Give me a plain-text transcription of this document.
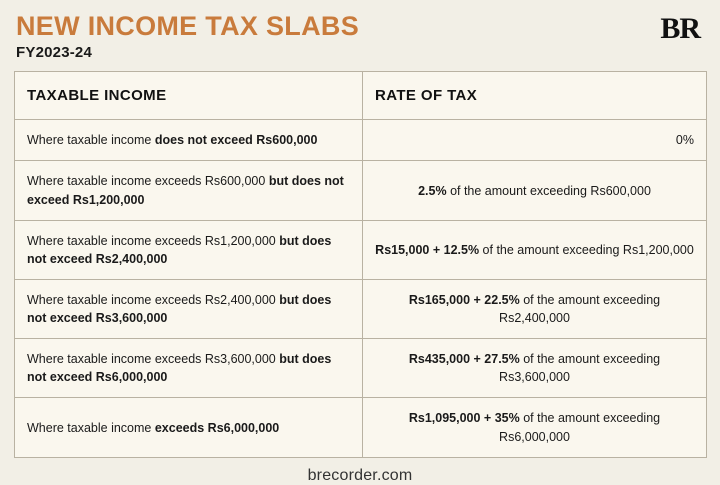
NEW INCOME TAX SLABS
FY2023-24
BR
TAXABLE INCOME	RATE OF TAX
Where taxable income does not exceed Rs600,000	0%
Where taxable income exceeds Rs600,000 but does not exceed Rs1,200,000	2.5% of the amount exceeding Rs600,000
Where taxable income exceeds Rs1,200,000 but does not exceed Rs2,400,000	Rs15,000 + 12.5% of the amount exceeding Rs1,200,000
Where taxable income exceeds Rs2,400,000 but does not exceed Rs3,600,000	Rs165,000 + 22.5% of the amount exceeding Rs2,400,000
Where taxable income exceeds Rs3,600,000 but does not exceed Rs6,000,000	Rs435,000 + 27.5% of the amount exceeding Rs3,600,000
Where taxable income exceeds Rs6,000,000	Rs1,095,000 + 35% of the amount exceeding Rs6,000,000
brecorder.com
